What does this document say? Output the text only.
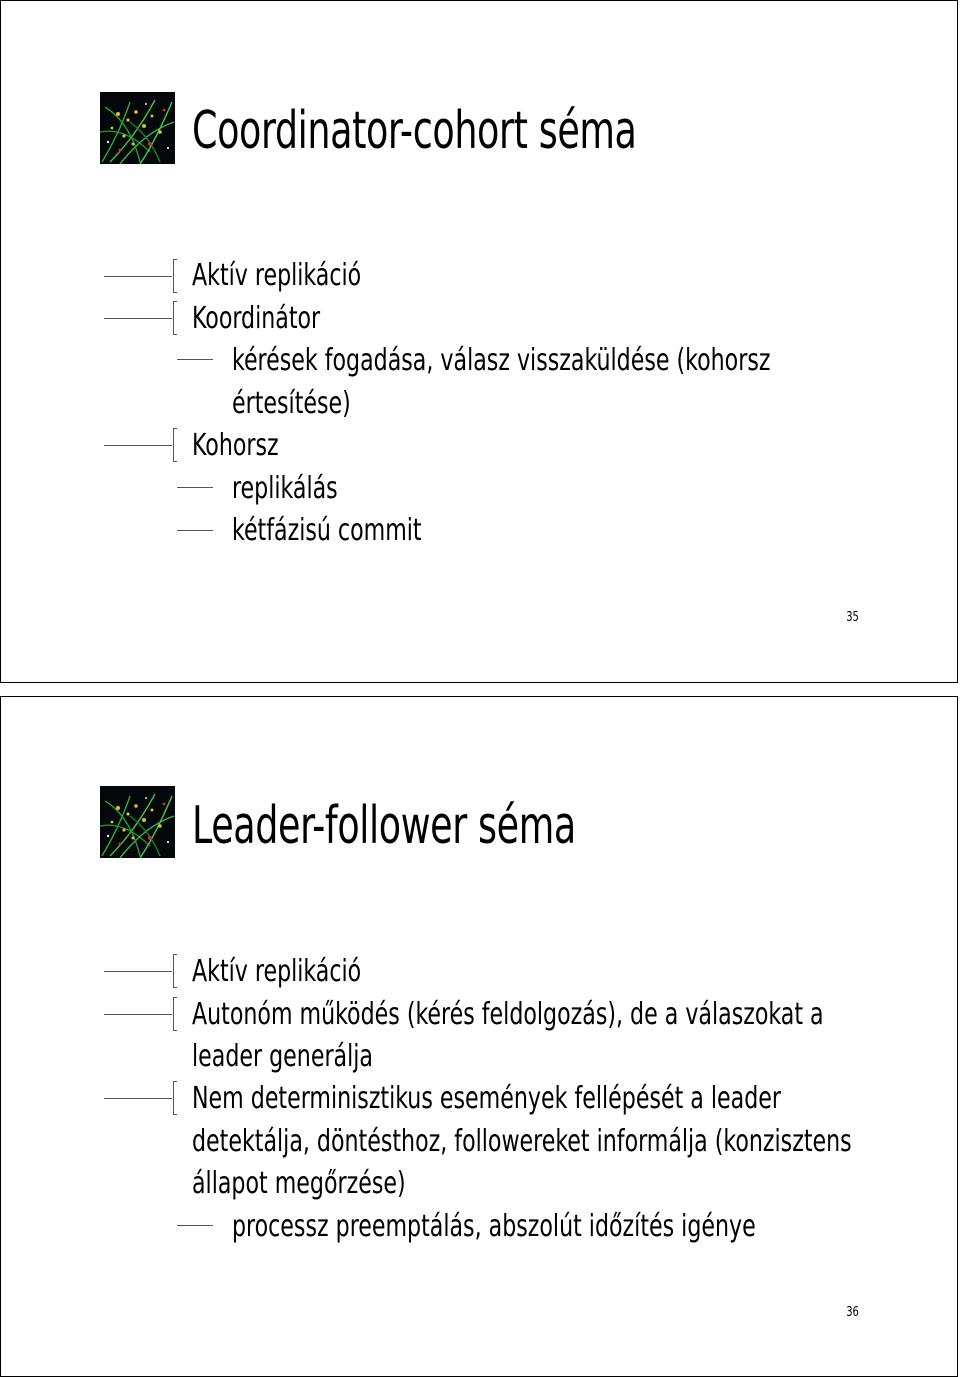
Coordinator-cohort séma
Aktív replikáció
Koordinátor
kérések fogadása, válasz visszaküldése (kohorsz
értesítése)
Kohorsz
replikálás
kétfázisú commit
35
Leader-follower séma
Aktív replikáció
Autonóm működés (kérés feldolgozás), de a válaszokat a
leader generálja
Nem determinisztikus események fellépését a leader
detektálja, döntésthoz, followereket informálja (konzisztens
állapot megőrzése)
processz preemptálás, abszolút időzítés igénye
36
